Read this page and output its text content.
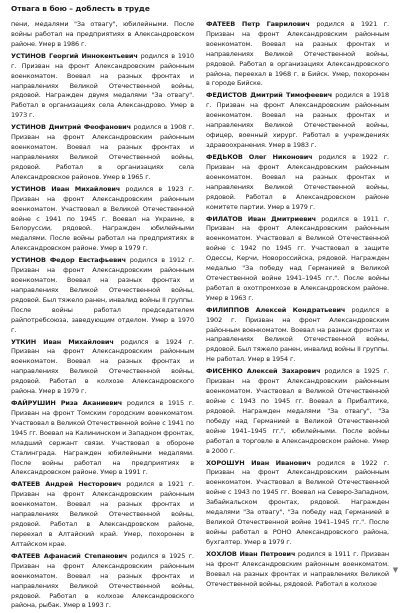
Отвага в бою – доблесть в труде

пени, медалями "За отвагу", юбилейными. После войны работал на предприятиях в Александровском районе. Умер в 1986 г.

УСТИНОВ Георгий Иннокентьевич родился в 1910 г. Призван на фронт Александровским районным военкоматом. Воевал на разных фронтах и направлениях Великой Отечественной войны, рядовой. Награжден двумя медалями "За отвагу". Работал в организациях села Александрово. Умер в 1973 г.

УСТИНОВ Дмитрий Феофанович родился в 1908 г. Призван на фронт Александровским районным военкоматом. Воевал на разных фронтах и направлениях Великой Отечественной войны, рядовой. Работал в организациях села Александровское районов. Умер в 1965 г.

УСТИНОВ Иван Михайлович родился в 1923 г. Призван на фронт Александровским районным военкоматом. Участвовал в Великой Отечественной войне с 1941 по 1945 г. Воевал на Украине, в Белоруссии, рядовой. Награжден юбилейными медалями. После войны работал на предприятиях в Александровском районе. Умер в 1979 г.

УСТИНОВ Федор Евстафьевич родился в 1912 г. Призван на фронт Александровским районным военкоматом. Воевал на разных фронтах и направлениях Великой Отечественной войны, рядовой. Был тяжело ранен, инвалид войны II группы. После войны работал председателем райпотребсоюза, заведующим отделом. Умер в 1970 г.

УТКИН Иван Михайлович родился в 1924 г. Призван на фронт Александровским районным военкоматом. Воевал на разных фронтах и направлениях Великой Отечественной войны, рядовой. Работал в колхозе Александровского района. Умер в 1979 г.

ФАЙРУШИН Риза Аканиевич родился в 1915 г. Призван на фронт Томским городским военкоматом. Участвовал в Великой Отечественной войне с 1941 по 1945 гг. Воевал на Калининском и Западном фронтах, младший сержант связи. Участвовал в обороне Сталинграда. Награжден юбилейными медалями. После войны работал на предприятиях в Александровском районе. Умер в 1991 г.

ФАТЕЕВ Андрей Несторович родился в 1921 г. Призван на фронт Александровским районным военкоматом. Воевал на разных фронтах и направлениях Великой Отечественной войны, рядовой. Работал в Александровском районе, переехал в Алтайский край. Умер, похоронен в Алтайском крае.

ФАТЕЕВ Афанасий Степанович родился в 1925 г. Призван на фронт Александровским районным военкоматом. Воевал на разных фронтах и направлениях Великой Отечественной войны, рядовой. Работал в колхозе Александровского района, рыбак. Умер в 1993 г.

ФАТЕЕВ Петр Гаврилович родился в 1921 г. Призван на фронт Александровским районным военкоматом. Воевал на разных фронтах и направлениях Великой Отечественной войны, рядовой. Работал в организациях Александровского района, переехал в 1968 г. в Бийск. Умер, похоронен в городе Бийске.

ФЕДИСТОВ Дмитрий Тимофеевич родился в 1918 г. Призван на фронт Александровским районным военкоматом. Воевал на разных фронтах и направлениях Великой Отечественной войны, офицер, военный хирург. Работал в учреждениях здравоохранения. Умер в 1983 г.

ФЕДЬКОВ Олег Никонович родился в 1922 г. Призван на фронт Александровским районным военкоматом. Воевал на разных фронтах и направлениях Великой Отечественной войны, рядовой. Работал в Александровском районе комитете партии. Умер в 1979 г.

ФИЛАТОВ Иван Дмитриевич родился в 1911 г. Призван на фронт Александровским районным военкоматом. Участвовал в Великой Отечественной войне с 1942 по 1945 гг. Участвовал в защите Одессы, Керчи, Новороссийска, рядовой. Награжден медалью "За победу над Германией в Великой Отечественной войне 1941–1945 гг.". После войны работал в охотпромхозе в Александровском районе. Умер в 1963 г.

ФИЛИППОВ Алексей Кондратьевич родился в 1902 г. Призван на фронт Александровским районным военкоматом. Воевал на разных фронтах и направлениях Великой Отечественной войны, рядовой. Был тяжело ранен, инвалид войны II группы. Не работал. Умер в 1954 г.

ФИСЕНКО Алексей Захарович родился в 1925 г. Призван на фронт Александровским районным военкоматом. Участвовал в Великой Отечественной войне с 1943 по 1945 гг. Воевал в Прибалтике, рядовой. Награжден медалями "За отвагу", "За победу над Германией в Великой Отечественной войне 1941–1945 гг.", юбилейными. После войны работал в торговле в Александровском районе. Умер в 2000 г.

ХОРОШУН Иван Иванович родился в 1922 г. Призван на фронт Александровским районным военкоматом. Участвовал в Великой Отечественной войне с 1943 по 1945 гг. Воевал на Северо-Западном, Забайкальском фронтах, рядовой. Награжден медалями "За отвагу", "За победу над Германией в Великой Отечественной войне 1941–1945 гг.". После войны работал в РОНО Александровского района, бухгалтер. Умер в 1979 г.

ХОХЛОВ Иван Петрович родился в 1911 г. Призван на фронт Александровским районным военкоматом. Воевал на разных фронтах и направлениях Великой Отечественной войны, рядовой. Работал в колхозе

▼
